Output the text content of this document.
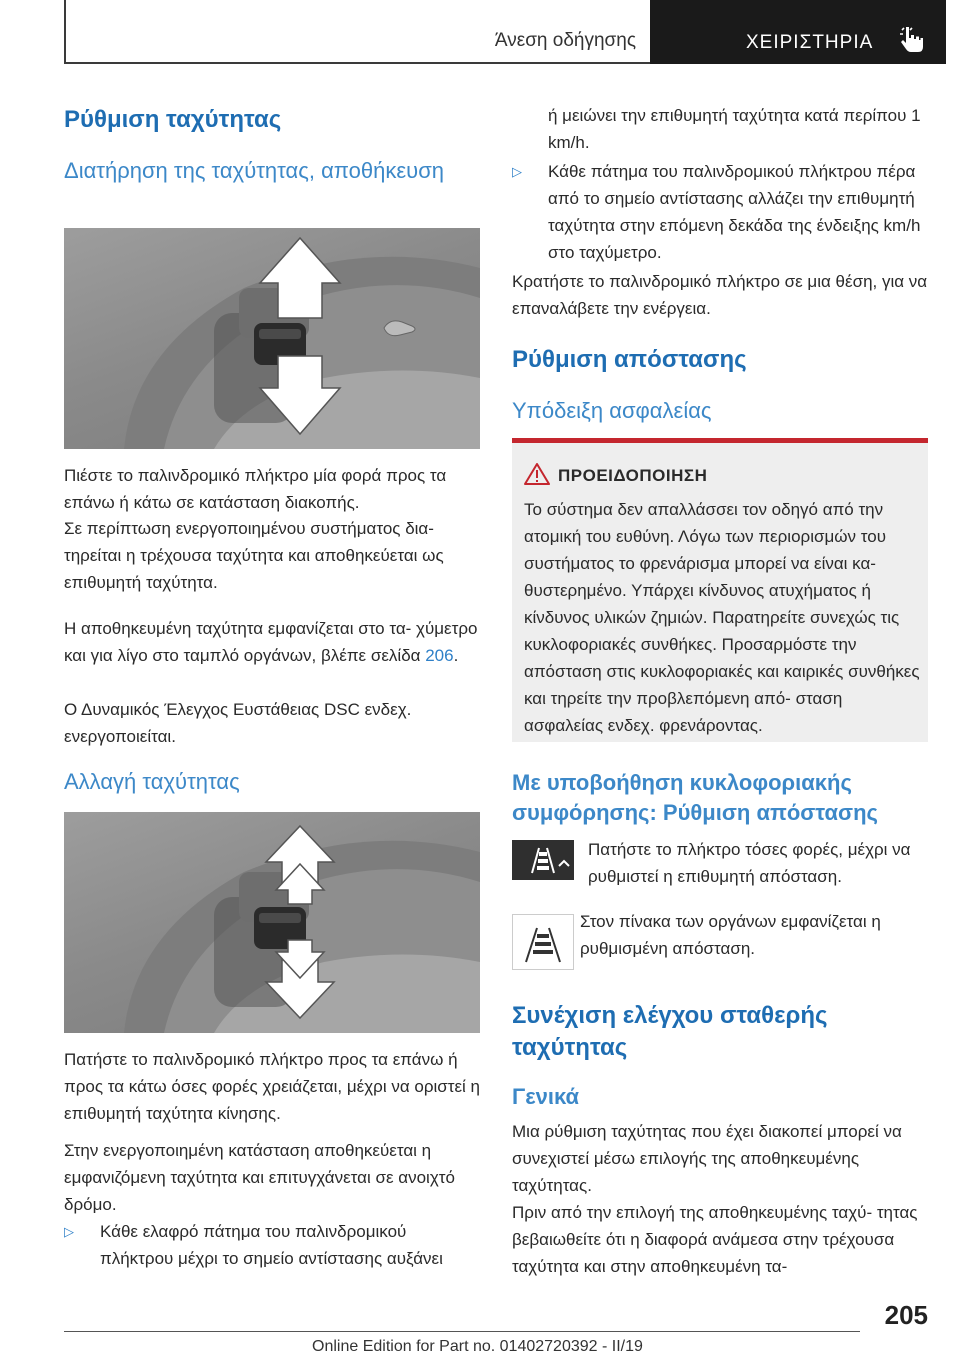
Άνεση οδήγησης	ΧΕΙΡΙΣΤΗΡΙΑ
Ρύθμιση ταχύτητας
Διατήρηση της ταχύτητας, αποθήκευση

Πιέστε το παλινδρομικό πλήκτρο μία φορά προς τα επάνω ή κάτω σε κατάσταση διακοπής.

Σε περίπτωση ενεργοποιημένου συστήματος δια‐ τηρείται η τρέχουσα ταχύτητα και αποθηκεύεται ως επιθυμητή ταχύτητα.

Η αποθηκευμένη ταχύτητα εμφανίζεται στο τα‐ χύμετρο και για λίγο στο ταμπλό οργάνων, βλέπε σελίδα 206.

Ο Δυναμικός Έλεγχος Ευστάθειας DSC ενδεχ. ενεργοποιείται.

Αλλαγή ταχύτητας

Πατήστε το παλινδρομικό πλήκτρο προς τα επάνω ή προς τα κάτω όσες φορές χρειάζεται, μέχρι να οριστεί η επιθυμητή ταχύτητα κίνησης.

Στην ενεργοποιημένη κατάσταση αποθηκεύεται η εμφανιζόμενη ταχύτητα και επιτυγχάνεται σε ανοιχτό δρόμο.

▷ Κάθε ελαφρό πάτημα του παλινδρομικού πλήκτρου μέχρι το σημείο αντίστασης αυξάνει
ή μειώνει την επιθυμητή ταχύτητα κατά περίπου 1 km/h.
▷ Κάθε πάτημα του παλινδρομικού πλήκτρου πέρα από το σημείο αντίστασης αλλάζει την επιθυμητή ταχύτητα στην επόμενη δεκάδα της ένδειξης km/h στο ταχύμετρο.

Κρατήστε το παλινδρομικό πλήκτρο σε μια θέση, για να επαναλάβετε την ενέργεια.

Ρύθμιση απόστασης
Υπόδειξη ασφαλείας
ΠΡΟΕΙΔΟΠΟΙΗΣΗ
Το σύστημα δεν απαλλάσσει τον οδηγό από την ατομική του ευθύνη. Λόγω των περιορισμών του συστήματος το φρενάρισμα μπορεί να είναι κα‐ θυστερημένο. Υπάρχει κίνδυνος ατυχήματος ή κίνδυνος υλικών ζημιών. Παρατηρείτε συνεχώς τις κυκλοφοριακές συνθήκες. Προσαρμόστε την απόσταση στις κυκλοφοριακές και καιρικές συνθήκες και τηρείτε την προβλεπόμενη από‐ σταση ασφαλείας ενδεχ. φρενάροντας.
Με υποβοήθηση κυκλοφοριακής συμφόρησης: Ρύθμιση απόστασης

Πατήστε το πλήκτρο τόσες φορές, μέχρι να ρυθμιστεί η επιθυμητή απόσταση.

Στον πίνακα των οργάνων εμφανίζεται η ρυθμισμένη απόσταση.

Συνέχιση ελέγχου σταθερής ταχύτητας
Γενικά

Μια ρύθμιση ταχύτητας που έχει διακοπεί μπορεί να συνεχιστεί μέσω επιλογής της αποθηκευμένης ταχύτητας.

Πριν από την επιλογή της αποθηκευμένης ταχύ‐ τητας βεβαιωθείτε ότι η διαφορά ανάμεσα στην τρέχουσα ταχύτητα και στην αποθηκευμένη τα‐

205
Online Edition for Part no. 01402720392 - II/19
